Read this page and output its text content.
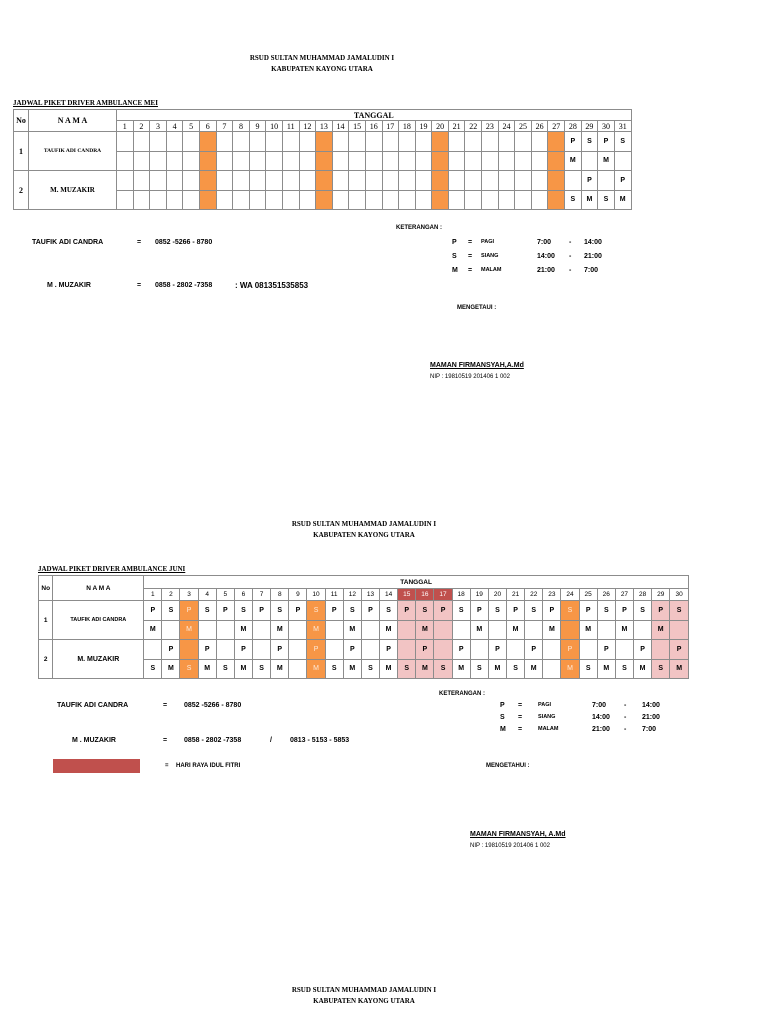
RSUD SULTAN MUHAMMAD JAMALUDIN I
KABUPATEN KAYONG UTARA
JADWAL PIKET DRIVER AMBULANCE MEI
No	N A M A	TANGGAL																														
		1	2	3	4	5	6	7	8	9	10	11	12	13	14	15	16	17	18	19	20	21	22	23	24	25	26	27	28	29	30	31
1	TAUFIK ADI CANDRA																												P	S	P	S
																													M		M	
2	M. MUZAKIR																													P		P
																													S	M	S	M
TAUFIK ADI CANDRA	= 0852 -5266 - 8780
M . MUZAKIR	= 0858 - 2802 -7358	: WA 081351535853
KETERANGAN :
P = PAGI	7:00	- 14:00
S = SIANG	14:00 - 21:00
M = MALAM	21:00 - 7:00
MENGETAUI :
MAMAN FIRMANSYAH,A.Md
NIP : 19810519 201406 1 002
RSUD SULTAN MUHAMMAD JAMALUDIN I
KABUPATEN KAYONG UTARA
JADWAL PIKET DRIVER AMBULANCE JUNI
No	N A M A	TANGGAL																													
		1	2	3	4	5	6	7	8	9	10	11	12	13	14	15	16	17	18	19	20	21	22	23	24	25	26	27	28	29	30
1	TAUFIK ADI CANDRA	P	S	P	S	P	S	P	S	P	S	P	S	P	S	P	S	P	S	P	S	P	S	P	S	P	S	P	S	P	S
		M		M			M		M		M		M		M		M			M		M		M		M		M		M	
2	M. MUZAKIR		P		P		P		P		P		P		P		P		P		P		P		P		P		P		P
		S	M	S	M	S	M	S	M		M	S	M	S	M	S	M	S	M	S	M	S	M		M	S	M	S	M	S	M
TAUFIK ADI CANDRA	= 0852 -5266 - 8780
M . MUZAKIR	= 0858 - 2802 -7358	/	0813 - 5153 - 5853
= HARI RAYA IDUL FITRI
KETERANGAN :
P =	PAGI	7:00	- 14:00
S =	SIANG	14:00 - 21:00
M =	MALAM	21:00 - 7:00
MENGETAHUI :
MAMAN FIRMANSYAH, A.Md
NIP : 19810519 201406 1 002
RSUD SULTAN MUHAMMAD JAMALUDIN I
KABUPATEN KAYONG UTARA
